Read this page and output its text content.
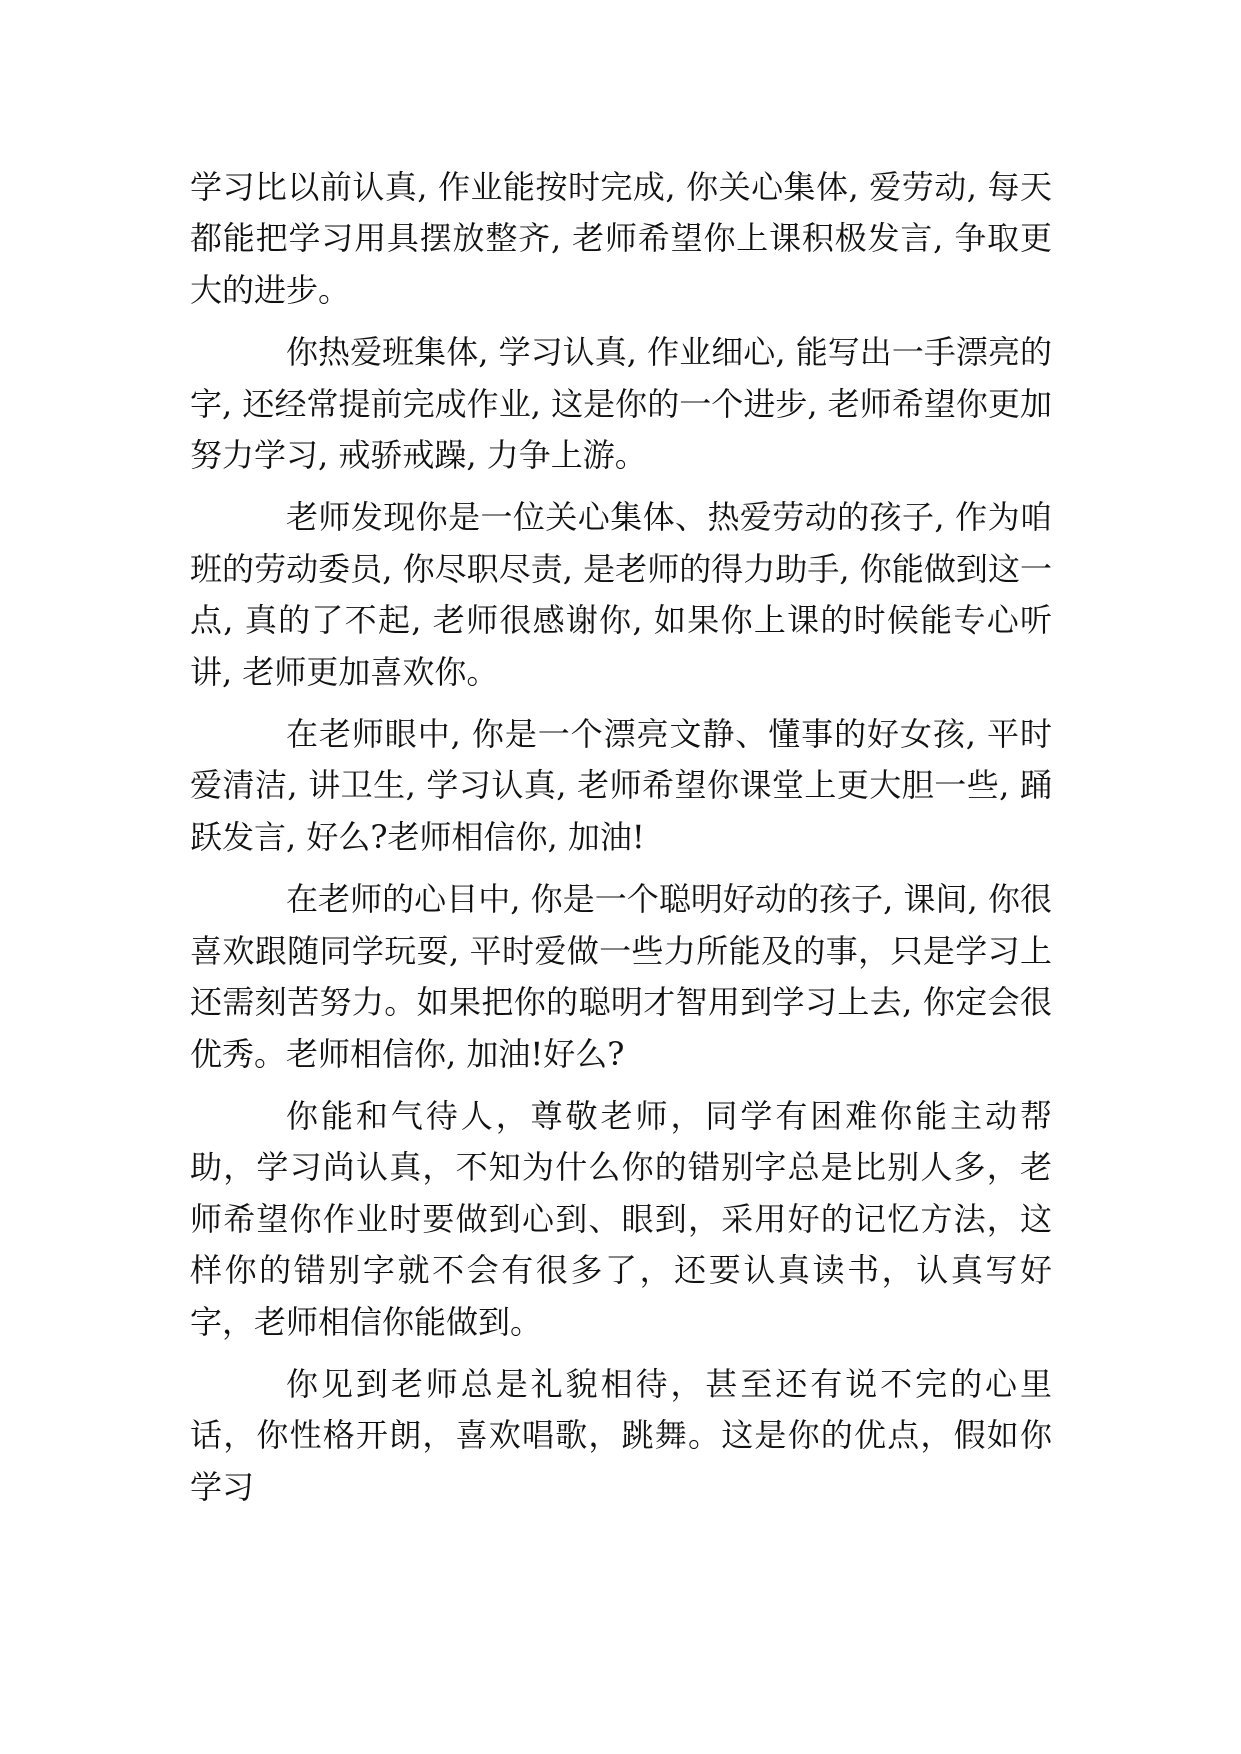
学习比以前认真, 作业能按时完成, 你关心集体, 爱劳动, 每天都能把学习用具摆放整齐, 老师希望你上课积极发言, 争取更大的进步。

你热爱班集体, 学习认真, 作业细心, 能写出一手漂亮的字, 还经常提前完成作业, 这是你的一个进步, 老师希望你更加努力学习, 戒骄戒躁, 力争上游。

老师发现你是一位关心集体、热爱劳动的孩子, 作为咱班的劳动委员, 你尽职尽责, 是老师的得力助手, 你能做到这一点, 真的了不起, 老师很感谢你, 如果你上课的时候能专心听讲, 老师更加喜欢你。

在老师眼中, 你是一个漂亮文静、懂事的好女孩, 平时爱清洁, 讲卫生, 学习认真, 老师希望你课堂上更大胆一些, 踊跃发言, 好么?老师相信你, 加油!

在老师的心目中, 你是一个聪明好动的孩子, 课间, 你很喜欢跟随同学玩耍, 平时爱做一些力所能及的事，只是学习上还需刻苦努力。如果把你的聪明才智用到学习上去, 你定会很优秀。老师相信你, 加油!好么?

你能和气待人，尊敬老师，同学有困难你能主动帮助，学习尚认真，不知为什么你的错别字总是比别人多，老师希望你作业时要做到心到、眼到，采用好的记忆方法，这样你的错别字就不会有很多了，还要认真读书，认真写好字，老师相信你能做到。

你见到老师总是礼貌相待，甚至还有说不完的心里话，你性格开朗，喜欢唱歌，跳舞。这是你的优点，假如你学习
